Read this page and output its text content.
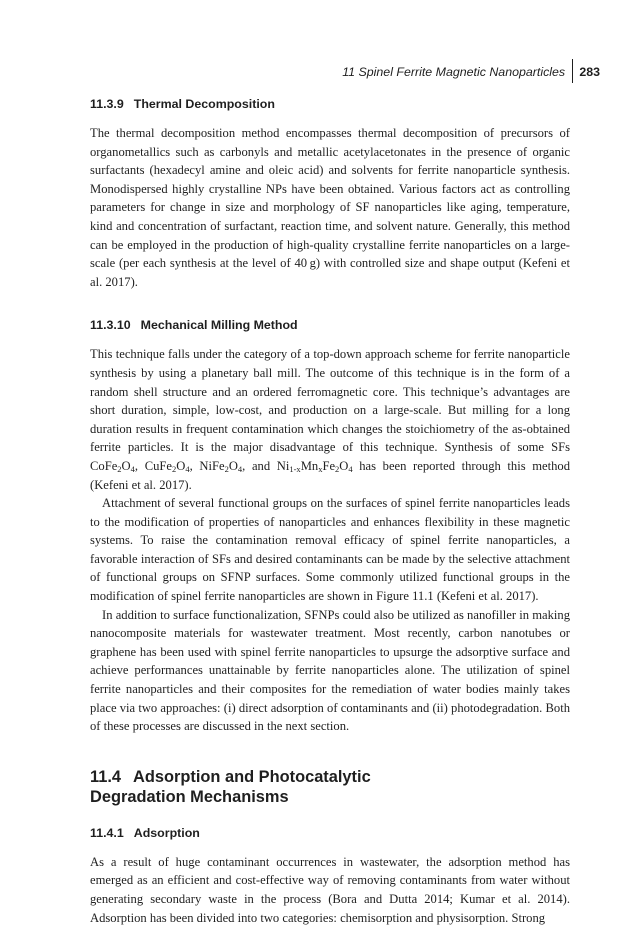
11 Spinel Ferrite Magnetic Nanoparticles 283
11.3.9 Thermal Decomposition

The thermal decomposition method encompasses thermal decomposition of precursors of organometallics such as carbonyls and metallic acetylacetonates in the presence of organic surfactants (hexadecyl amine and oleic acid) and solvents for ferrite nanoparticle synthesis. Monodispersed highly crystalline NPs have been obtained. Various factors act as controlling parameters for change in size and morphology of SF nanoparticles like aging, temperature, kind and concentration of surfactant, reaction time, and solvent nature. Generally, this method can be employed in the production of high-quality crystalline ferrite nanoparticles on a large-scale (per each synthesis at the level of 40 g) with controlled size and shape output (Kefeni et al. 2017).

11.3.10 Mechanical Milling Method

This technique falls under the category of a top-down approach scheme for ferrite nanoparticle synthesis by using a planetary ball mill. The outcome of this technique is in the form of a random shell structure and an ordered ferromagnetic core. This technique’s advantages are short duration, simple, low-cost, and production on a large-scale. But milling for a long duration results in frequent contamination which changes the stoichiometry of the as-obtained ferrite particles. It is the major disadvantage of this technique. Synthesis of some SFs $CoFe_2O_4$, $CuFe_2O_4$, $NiFe_2O_4$, and $Ni_{1-x}Mn_xFe_2O_4$ has been reported through this method (Kefeni et al. 2017).

Attachment of several functional groups on the surfaces of spinel ferrite nanoparticles leads to the modification of properties of nanoparticles and enhances flexibility in these magnetic systems. To raise the contamination removal efficacy of spinel ferrite nanoparticles, a favorable interaction of SFs and desired contaminants can be made by the selective attachment of functional groups on SFNP surfaces. Some commonly utilized functional groups in the modification of spinel ferrite nanoparticles are shown in Figure 11.1 (Kefeni et al. 2017).

In addition to surface functionalization, SFNPs could also be utilized as nanofiller in making nanocomposite materials for wastewater treatment. Most recently, carbon nanotubes or graphene has been used with spinel ferrite nanoparticles to upsurge the adsorptive surface and achieve performances unattainable by ferrite nanoparticles alone. The utilization of spinel ferrite nanoparticles and their composites for the remediation of water bodies mainly takes place via two approaches: (i) direct adsorption of contaminants and (ii) photodegradation. Both of these processes are discussed in the next section.

11.4 Adsorption and Photocatalytic
Degradation Mechanisms
11.4.1 Adsorption

As a result of huge contaminant occurrences in wastewater, the adsorption method has emerged as an efficient and cost-effective way of removing contaminants from water without generating secondary waste in the process (Bora and Dutta 2014; Kumar et al. 2014). Adsorption has been divided into two categories: chemisorption and physisorption. Strong
